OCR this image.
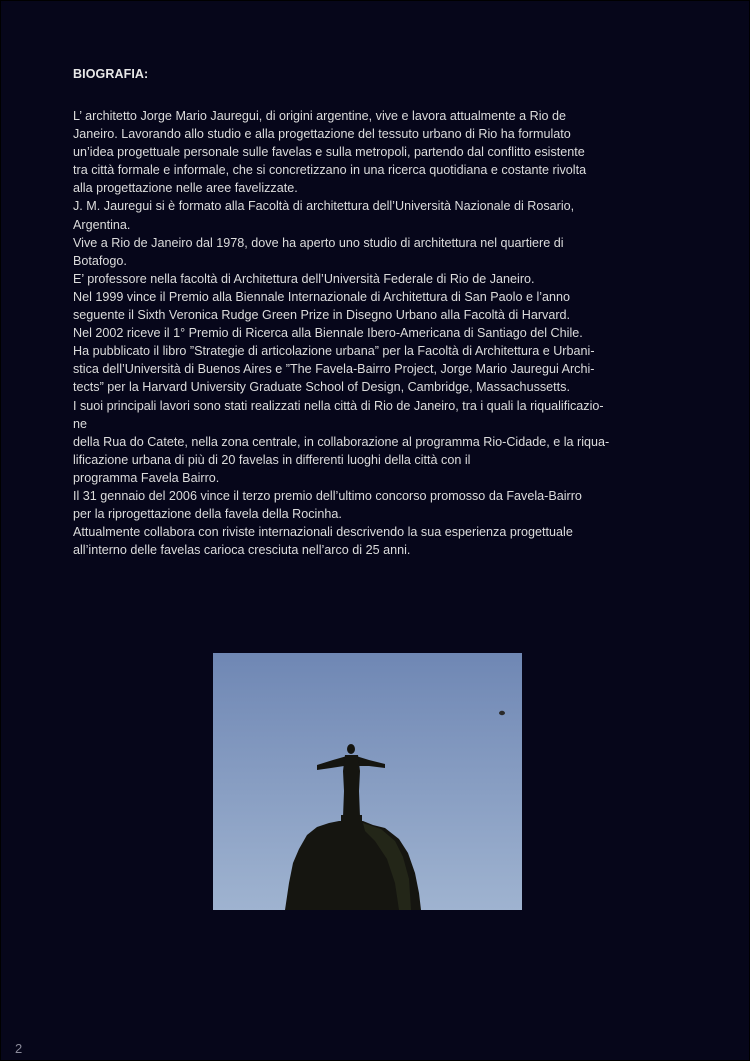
BIOGRAFIA:

L’ architetto Jorge Mario Jauregui, di origini argentine, vive e lavora attualmente a Rio de
Janeiro. Lavorando allo studio e alla progettazione del tessuto urbano di Rio ha formulato
un’idea progettuale personale sulle favelas e sulla metropoli, partendo dal conflitto esistente
tra città formale e informale, che si concretizzano in una ricerca quotidiana e costante rivolta
alla progettazione nelle aree favelizzate.
J. M. Jauregui si è formato alla Facoltà di architettura dell’Università Nazionale di Rosario,
Argentina.
Vive a Rio de Janeiro dal 1978, dove ha aperto uno studio di architettura nel quartiere di
Botafogo.
E’ professore nella facoltà di Architettura dell’Università Federale di Rio de Janeiro.
Nel 1999 vince il Premio alla Biennale Internazionale di Architettura di San Paolo e l’anno
seguente il Sixth Veronica Rudge Green Prize in Disegno Urbano alla Facoltà di Harvard.
Nel 2002 riceve il 1° Premio di Ricerca alla Biennale Ibero-Americana di Santiago del Chile.
Ha pubblicato il libro ”Strategie di articolazione urbana” per la Facoltà di Architettura e Urbani-
stica dell’Università di Buenos Aires e ”The Favela-Bairro Project, Jorge Mario Jauregui Archi-
tects” per la Harvard University Graduate School of Design, Cambridge, Massachussetts.
I suoi principali lavori sono stati realizzati nella città di Rio de Janeiro, tra i quali la riqualificazio-
ne
della Rua do Catete, nella zona centrale, in collaborazione al programma Rio-Cidade, e la riqua-
lificazione urbana di più di 20 favelas in differenti luoghi della città con il
programma Favela Bairro.
Il 31 gennaio del 2006 vince il terzo premio dell’ultimo concorso promosso da Favela-Bairro
per la riprogettazione della favela della Rocinha.
Attualmente collabora con riviste internazionali descrivendo la sua esperienza progettuale
all’interno delle favelas carioca cresciuta nell’arco di 25 anni.

2
